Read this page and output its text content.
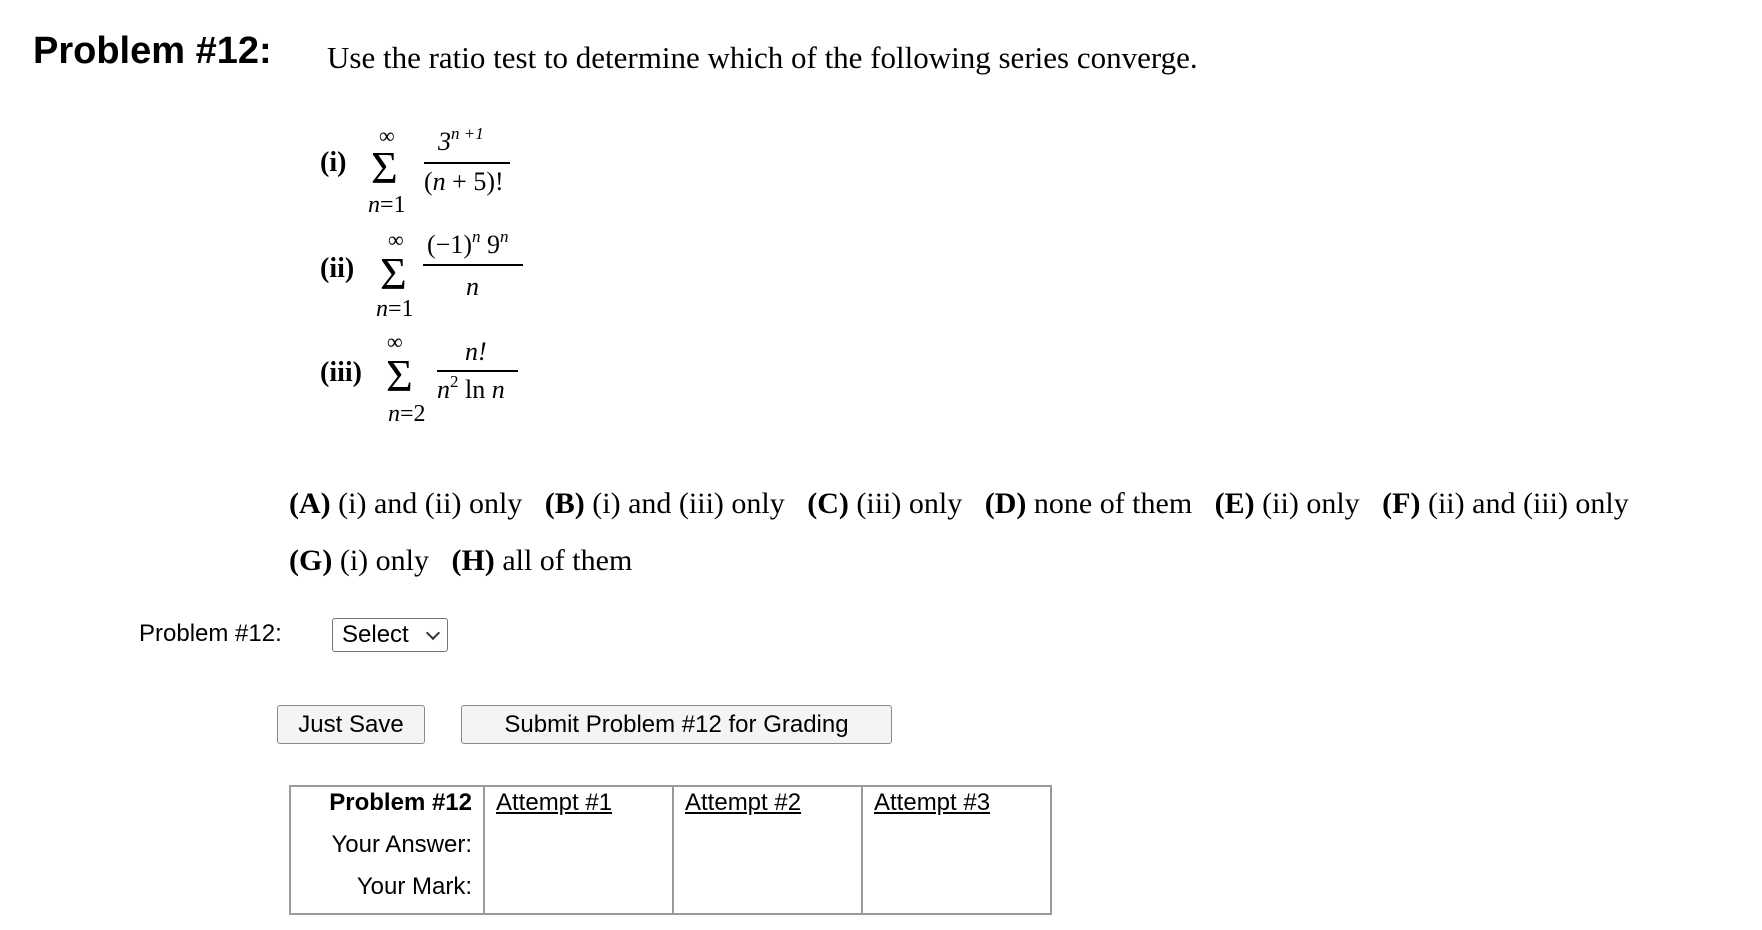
Problem #12: Use the ratio test to determine which of the following series converge.
(i)
∞
Σ
n=1
$3^{n +1}$
(n + 5)!
(ii)
∞
Σ
n=1
$(-1)^n$ 9$^n$
n
(iii)
∞
Σ
n=2
n!
$n^2$ ln n
(A) (i) and (ii) only (B) (i) and (iii) only (C) (iii) only (D) none of them (E) (ii) only (F) (ii) and (iii) only
(G) (i) only (H) all of them
Problem #12:	Select
Just Save	Submit Problem #12 for Grading
Problem #12	Attempt #1	Attempt #2	Attempt #3
Your Answer:			
Your Mark:			
